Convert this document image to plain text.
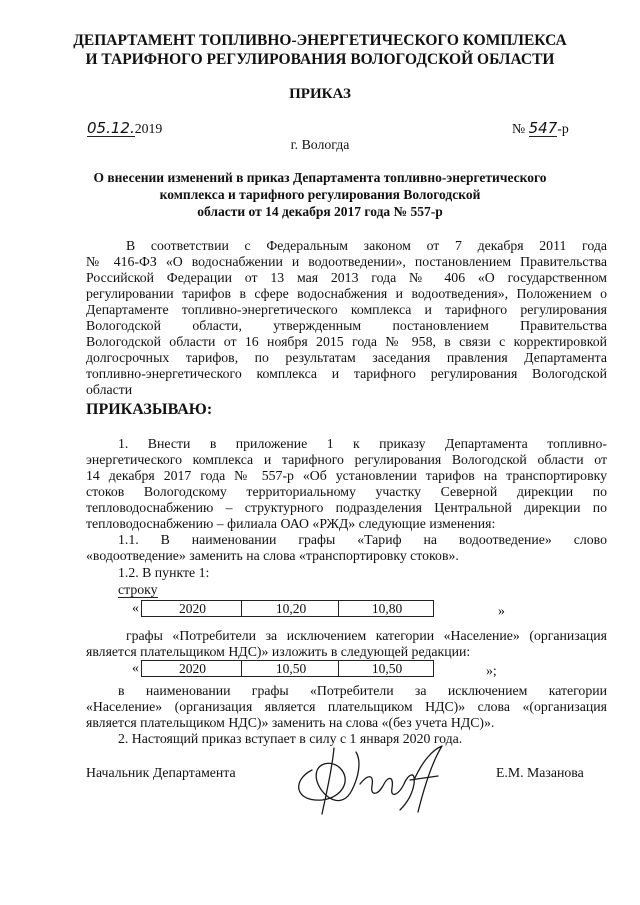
ДЕПАРТАМЕНТ ТОПЛИВНО-ЭНЕРГЕТИЧЕСКОГО КОМПЛЕКСА
И ТАРИФНОГО РЕГУЛИРОВАНИЯ ВОЛОГОДСКОЙ ОБЛАСТИ
ПРИКАЗ
05.12.2019	№ 547-р
г. Вологда
О внесении изменений в приказ Департамента топливно-энергетического
комплекса и тарифного регулирования Вологодской
области от 14 декабря 2017 года № 557-р
В соответствии с Федеральным законом от 7 декабря 2011 года
№ 416-ФЗ «О водоснабжении и водоотведении», постановлением Правительства
Российской Федерации от 13 мая 2013 года № 406 «О государственном
регулировании тарифов в сфере водоснабжения и водоотведения», Положением о
Департаменте топливно-энергетического комплекса и тарифного регулирования
Вологодской области, утвержденным постановлением Правительства
Вологодской области от 16 ноября 2015 года № 958, в связи с корректировкой
долгосрочных тарифов, по результатам заседания правления Департамента
топливно-энергетического комплекса и тарифного регулирования Вологодской
области
ПРИКАЗЫВАЮ:
1. Внести в приложение 1 к приказу Департамента топливно-
энергетического комплекса и тарифного регулирования Вологодской области от
14 декабря 2017 года № 557-р «Об установлении тарифов на транспортировку
стоков Вологодскому территориальному участку Северной дирекции по
тепловодоснабжению – структурного подразделения Центральной дирекции по
тепловодоснабжению – филиала ОАО «РЖД» следующие изменения:
1.1. В наименовании графы «Тариф на водоотведение» слово
«водоотведение» заменить на слова «транспортировку стоков».
1.2. В пункте 1:
строку
«	2020	10,20	10,80	»
графы «Потребители за исключением категории «Население» (организация
является плательщиком НДС)» изложить в следующей редакции:
«	2020	10,50	10,50	»;
в наименовании графы «Потребители за исключением категории
«Население» (организация является плательщиком НДС)» слова «(организация
является плательщиком НДС)» заменить на слова «(без учета НДС)».
2. Настоящий приказ вступает в силу с 1 января 2020 года.
Начальник Департамента	Е.М. Мазанова
